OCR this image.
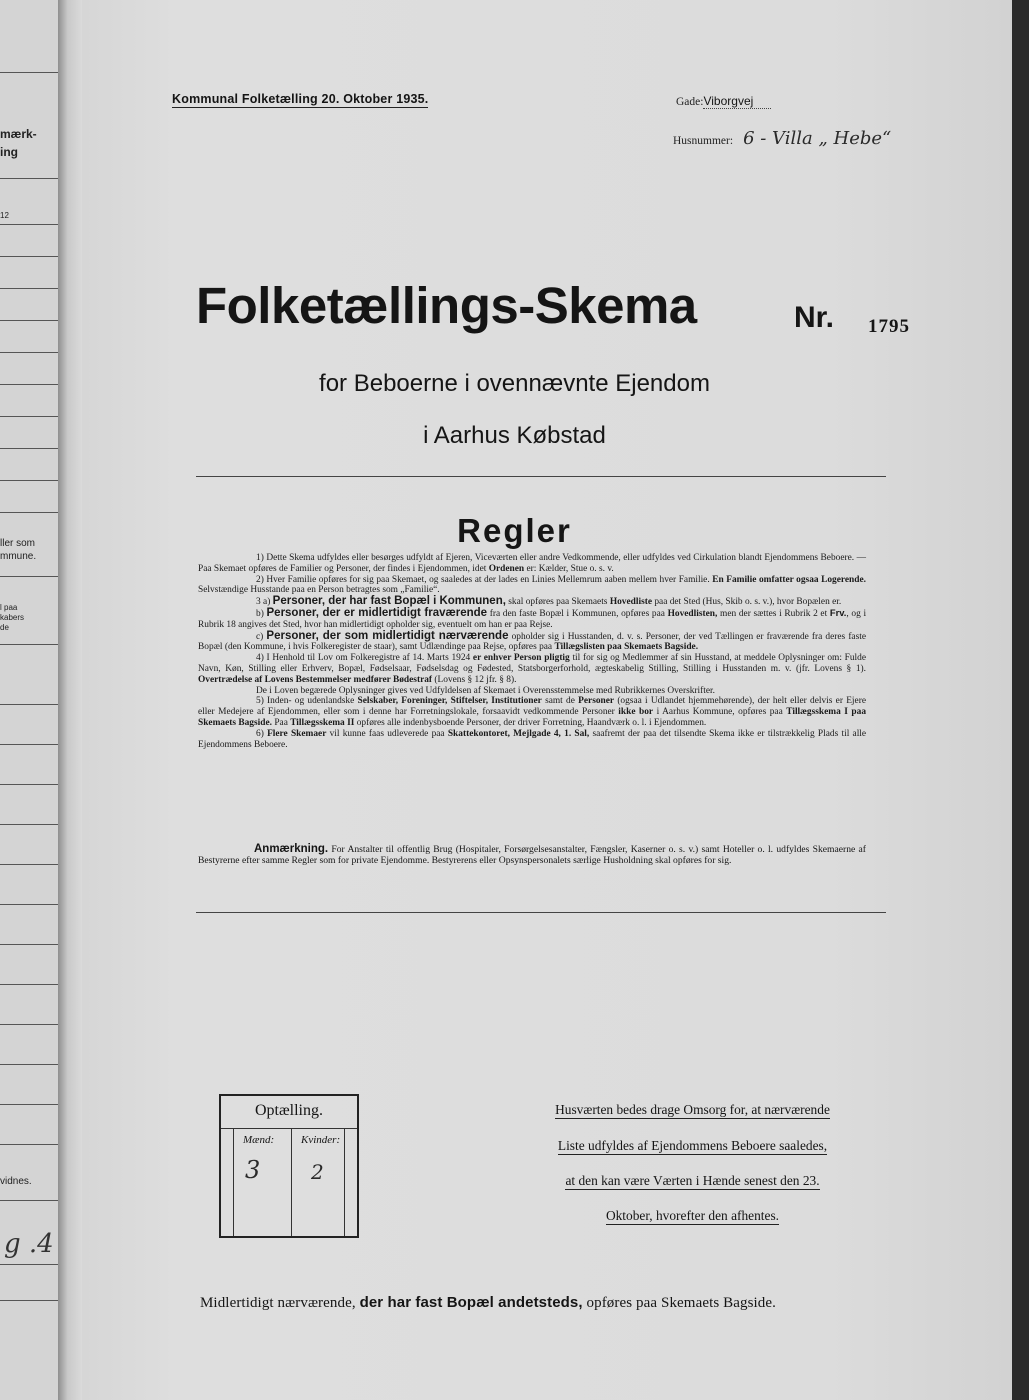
mærk-
ing
12
ller som
mmune.
l paa
kabers
de
vidnes.
g .4
Kommunal Folketælling 20. Oktober 1935.	Gade:Viborgvej
Husnummer: 6 - Villa „ Hebe“
Folketællings-Skema	Nr. 1795
for Beboerne i ovennævnte Ejendom
i Aarhus Købstad
Regler

1) Dette Skema udfyldes eller besørges udfyldt af Ejeren, Viceværten eller andre Vedkommende, eller udfyldes ved Cirkulation blandt Ejendommens Beboere. — Paa Skemaet opføres de Familier og Personer, der findes i Ejendommen, idet Ordenen er: Kælder, Stue o. s. v.

2) Hver Familie opføres for sig paa Skemaet, og saaledes at der lades en Linies Mellemrum aaben mellem hver Familie. En Familie omfatter ogsaa Logerende. Selvstændige Husstande paa en Person betragtes som „Familie“.

3 a) Personer, der har fast Bopæl i Kommunen, skal opføres paa Skemaets Hovedliste paa det Sted (Hus, Skib o. s. v.), hvor Bopælen er.

b) Personer, der er midlertidigt fraværende fra den faste Bopæl i Kommunen, opføres paa Hovedlisten, men der sættes i Rubrik 2 et Frv., og i Rubrik 18 angives det Sted, hvor han midlertidigt opholder sig, eventuelt om han er paa Rejse.

c) Personer, der som midlertidigt nærværende opholder sig i Husstanden, d. v. s. Personer, der ved Tællingen er fraværende fra deres faste Bopæl (den Kommune, i hvis Folkeregister de staar), samt Udlændinge paa Rejse, opføres paa Tillægslisten paa Skemaets Bagside.

4) I Henhold til Lov om Folkeregistre af 14. Marts 1924 er enhver Person pligtig til for sig og Medlemmer af sin Husstand, at meddele Oplysninger om: Fulde Navn, Køn, Stilling eller Erhverv, Bopæl, Fødselsaar, Fødselsdag og Fødested, Statsborgerforhold, ægteskabelig Stilling, Stilling i Husstanden m. v. (jfr. Lovens § 1). Overtrædelse af Lovens Bestemmelser medfører Bødestraf (Lovens § 12 jfr. § 8).

De i Loven begærede Oplysninger gives ved Udfyldelsen af Skemaet i Overensstemmelse med Rubrikkernes Overskrifter.

5) Inden- og udenlandske Selskaber, Foreninger, Stiftelser, Institutioner samt de Personer (ogsaa i Udlandet hjemmehørende), der helt eller delvis er Ejere eller Medejere af Ejendommen, eller som i denne har Forretningslokale, forsaavidt vedkommende Personer ikke bor i Aarhus Kommune, opføres paa Tillægsskema I paa Skemaets Bagside. Paa Tillægsskema II opføres alle indenbysboende Personer, der driver Forretning, Haandværk o. l. i Ejendommen.

6) Flere Skemaer vil kunne faas udleverede paa Skattekontoret, Mejlgade 4, 1. Sal, saafremt der paa det tilsendte Skema ikke er tilstrækkelig Plads til alle Ejendommens Beboere.

Anmærkning. For Anstalter til offentlig Brug (Hospitaler, Forsørgelsesanstalter, Fængsler, Kaserner o. s. v.) samt Hoteller o. l. udfyldes Skemaerne af Bestyrerne efter samme Regler som for private Ejendomme. Bestyrerens eller Opsynspersonalets særlige Husholdning skal opføres for sig.
Optælling.
Mænd: Kvinder:
3	2
Husværten bedes drage Omsorg for, at nærværende
Liste udfyldes af Ejendommens Beboere saaledes,
at den kan være Værten i Hænde senest den 23.
Oktober, hvorefter den afhentes.
Midlertidigt nærværende, der har fast Bopæl andetsteds, opføres paa Skemaets Bagside.
